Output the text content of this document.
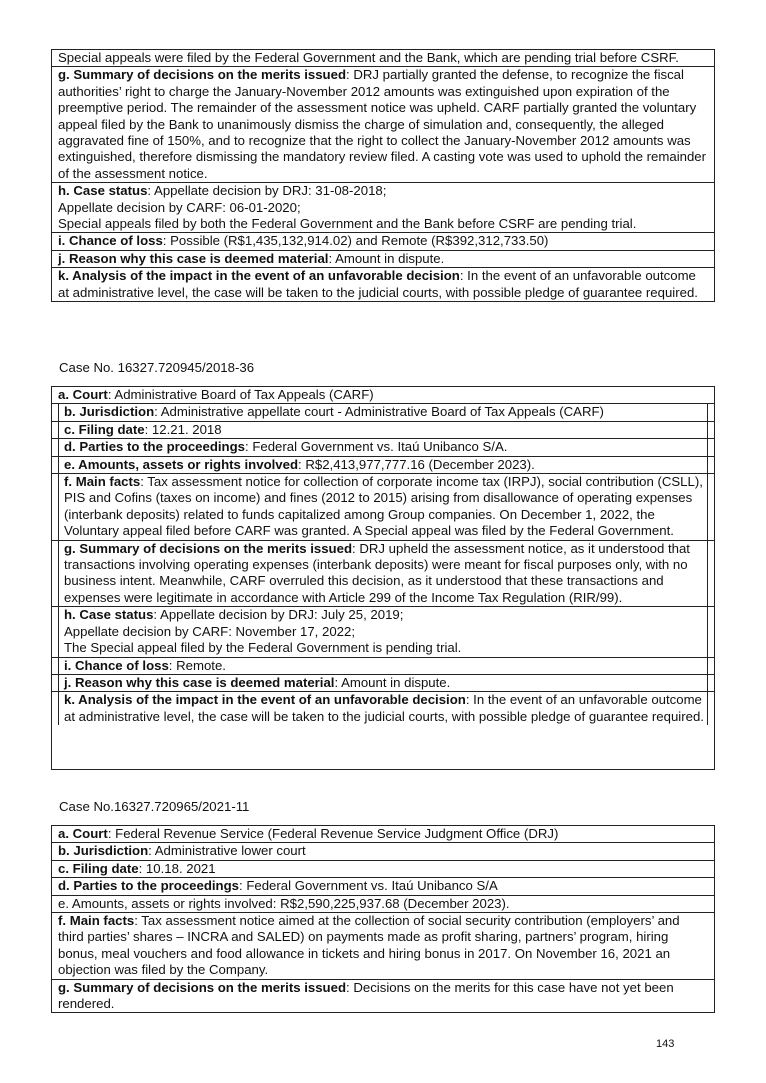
Special appeals were filed by the Federal Government and the Bank, which are pending trial before CSRF.

g. Summary of decisions on the merits issued: DRJ partially granted the defense, to recognize the fiscal authorities’ right to charge the January-November 2012 amounts was extinguished upon expiration of the preemptive period. The remainder of the assessment notice was upheld. CARF partially granted the voluntary appeal filed by the Bank to unanimously dismiss the charge of simulation and, consequently, the alleged aggravated fine of 150%, and to recognize that the right to collect the January-November 2012 amounts was extinguished, therefore dismissing the mandatory review filed. A casting vote was used to uphold the remainder of the assessment notice.

h. Case status: Appellate decision by DRJ: 31-08-2018;

Appellate decision by CARF: 06-01-2020;

Special appeals filed by both the Federal Government and the Bank before CSRF are pending trial.

i. Chance of loss: Possible (R$1,435,132,914.02) and Remote (R$392,312,733.50)

j. Reason why this case is deemed material: Amount in dispute.

k. Analysis of the impact in the event of an unfavorable decision: In the event of an unfavorable outcome at administrative level, the case will be taken to the judicial courts, with possible pledge of guarantee required.

Case No. 16327.720945/2018-36
a. Court: Administrative Board of Tax Appeals (CARF)

b. Jurisdiction: Administrative appellate court - Administrative Board of Tax Appeals (CARF)

c. Filing date: 12.21. 2018

d. Parties to the proceedings: Federal Government vs. Itaú Unibanco S/A.

e. Amounts, assets or rights involved: R$2,413,977,777.16 (December 2023).

f. Main facts: Tax assessment notice for collection of corporate income tax (IRPJ), social contribution (CSLL), PIS and Cofins (taxes on income) and fines (2012 to 2015) arising from disallowance of operating expenses (interbank deposits) related to funds capitalized among Group companies. On December 1, 2022, the Voluntary appeal filed before CARF was granted. A Special appeal was filed by the Federal Government.

g. Summary of decisions on the merits issued: DRJ upheld the assessment notice, as it understood that transactions involving operating expenses (interbank deposits) were meant for fiscal purposes only, with no business intent. Meanwhile, CARF overruled this decision, as it understood that these transactions and expenses were legitimate in accordance with Article 299 of the Income Tax Regulation (RIR/99).

h. Case status: Appellate decision by DRJ: July 25, 2019;

Appellate decision by CARF: November 17, 2022;

The Special appeal filed by the Federal Government is pending trial.

i. Chance of loss: Remote.

j. Reason why this case is deemed material: Amount in dispute.

k. Analysis of the impact in the event of an unfavorable decision: In the event of an unfavorable outcome at administrative level, the case will be taken to the judicial courts, with possible pledge of guarantee required.

Case No.16327.720965/2021-11

a. Court: Federal Revenue Service (Federal Revenue Service Judgment Office (DRJ)

b. Jurisdiction: Administrative lower court

c. Filing date: 10.18. 2021

d. Parties to the proceedings: Federal Government vs. Itaú Unibanco S/A

e. Amounts, assets or rights involved: R$2,590,225,937.68 (December 2023).

f. Main facts: Tax assessment notice aimed at the collection of social security contribution (employers’ and third parties’ shares – INCRA and SALED) on payments made as profit sharing, partners’ program, hiring bonus, meal vouchers and food allowance in tickets and hiring bonus in 2017. On November 16, 2021 an objection was filed by the Company.

g. Summary of decisions on the merits issued: Decisions on the merits for this case have not yet been rendered.

143
